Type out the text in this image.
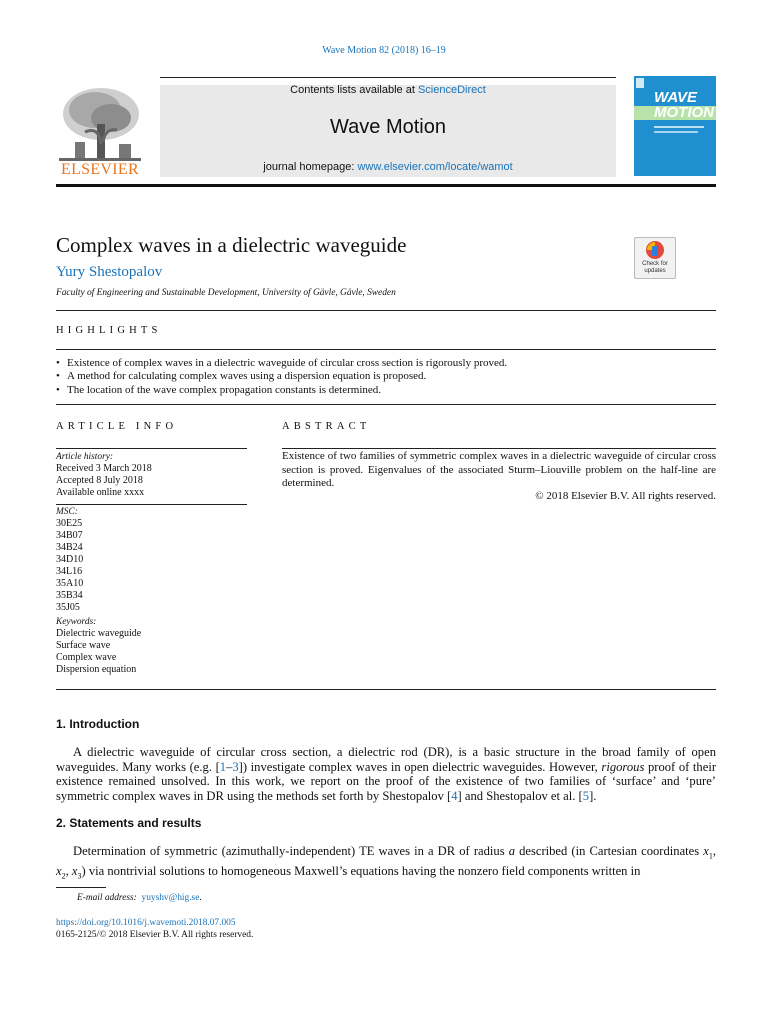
Wave Motion 82 (2018) 16–19
ELSEVIER
Contents lists available at ScienceDirect
Wave Motion
journal homepage: www.elsevier.com/locate/wamot
WAVE
MOTION
Complex waves in a dielectric waveguide
Check for
updates
Yury Shestopalov
Faculty of Engineering and Sustainable Development, University of Gävle, Gävle, Sweden
HIGHLIGHTS
• Existence of complex waves in a dielectric waveguide of circular cross section is rigorously proved.
• A method for calculating complex waves using a dispersion equation is proposed.
• The location of the wave complex propagation constants is determined.
ARTICLE INFO
Article history:
Received 3 March 2018
Accepted 8 July 2018
Available online xxxx
MSC:
30E25
34B07
34B24
34D10
34L16
35A10
35B34
35J05
Keywords:
Dielectric waveguide
Surface wave
Complex wave
Dispersion equation
ABSTRACT
Existence of two families of symmetric complex waves in a dielectric waveguide of circular cross section is proved. Eigenvalues of the associated Sturm–Liouville problem on the half-line are determined.
© 2018 Elsevier B.V. All rights reserved.
1. Introduction
A dielectric waveguide of circular cross section, a dielectric rod (DR), is a basic structure in the broad family of open waveguides. Many works (e.g. [1–3]) investigate complex waves in open dielectric waveguides. However, rigorous proof of their existence remained unsolved. In this work, we report on the proof of the existence of two families of ‘surface’ and ‘pure’ symmetric complex waves in DR using the methods set forth by Shestopalov [4] and Shestopalov et al. [5].
2. Statements and results
Determination of symmetric (azimuthally-independent) TE waves in a DR of radius a described (in Cartesian coordinates $x_1$, $x_2$, $x_3$) via nontrivial solutions to homogeneous Maxwell’s equations having the nonzero field components written in
E-mail address: yuyshv@hig.se.
https://doi.org/10.1016/j.wavemoti.2018.07.005
0165-2125/© 2018 Elsevier B.V. All rights reserved.
